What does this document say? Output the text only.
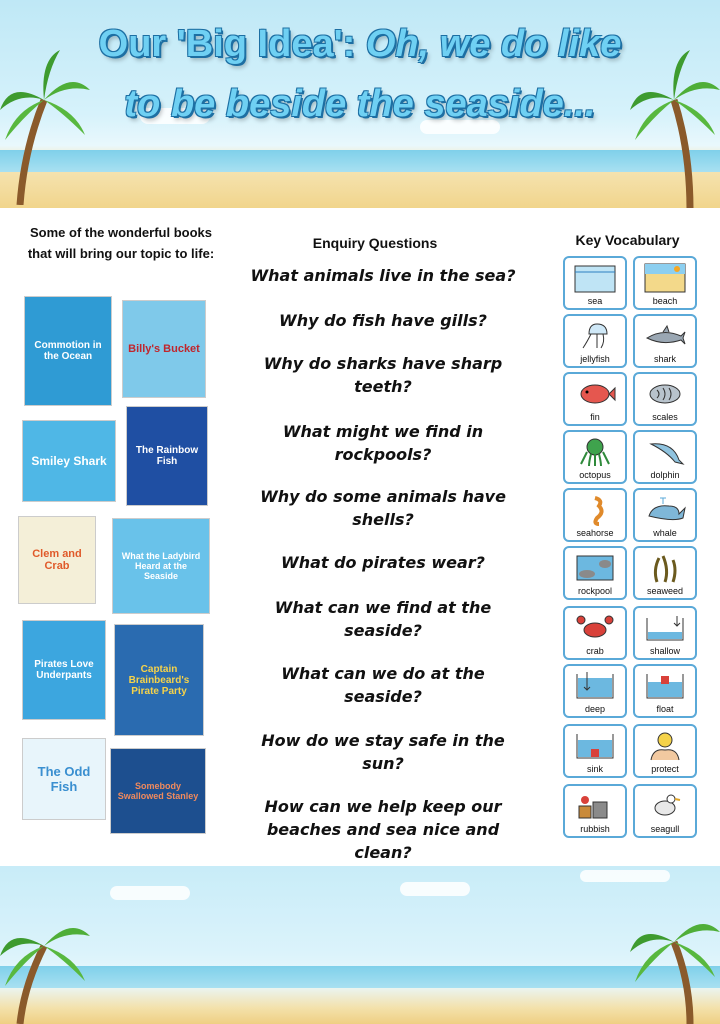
Our 'Big Idea': Oh, we do like to be beside the seaside...
Some of the wonderful books that will bring our topic to life:
Commotion in the Ocean
Billy's Bucket
Smiley Shark
The Rainbow Fish
Clem and Crab
What the Ladybird Heard at the Seaside
Pirates Love Underpants
Captain Brainbeard's Pirate Party
The Odd Fish	Somebody Swallowed Stanley
Enquiry Questions
What animals live in the sea?
Why do fish have gills?
Why do sharks have sharp teeth?
What might we find in rockpools?
Why do some animals have shells?
What do pirates wear?
What can we find at the seaside?
What can we do at the seaside?
How do we stay safe in the sun?
How can we help keep our beaches and sea nice and clean?
Key Vocabulary
sea	beach
jellyfish	shark
fin	scales
octopus	dolphin
seahorse	whale
rockpool	seaweed
crab	shallow
deep	float
sink	protect
rubbish	seagull
